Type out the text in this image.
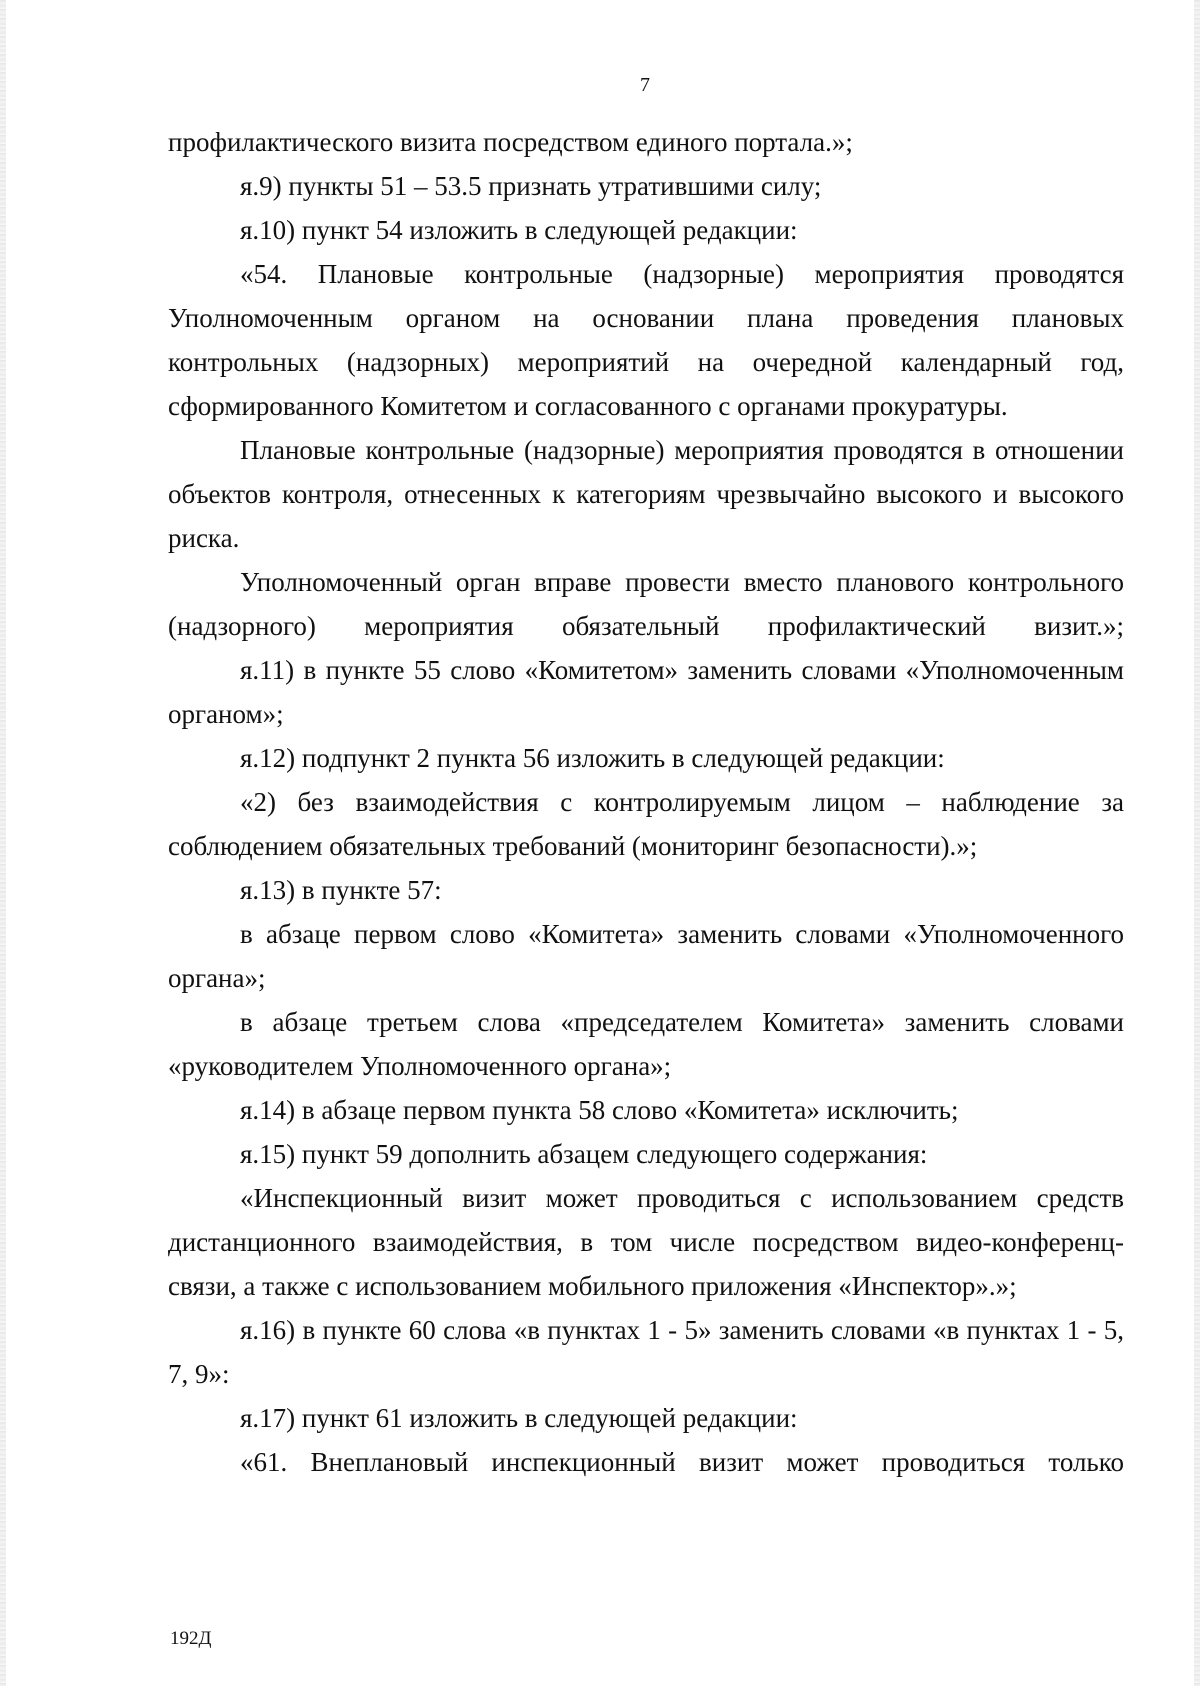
7

профилактического визита посредством единого портала.»;

я.9) пункты 51 – 53.5 признать утратившими силу;

я.10) пункт 54 изложить в следующей редакции:

«54. Плановые контрольные (надзорные) мероприятия проводятся Уполномоченным органом на основании плана проведения плановых контрольных (надзорных) мероприятий на очередной календарный год, сформированного Комитетом и согласованного с органами прокуратуры.

Плановые контрольные (надзорные) мероприятия проводятся в отношении объектов контроля, отнесенных к категориям чрезвычайно высокого и высокого риска.

Уполномоченный орган вправе провести вместо планового контрольного (надзорного) мероприятия обязательный профилактический визит.»;

я.11) в пункте 55 слово «Комитетом» заменить словами «Уполномоченным органом»;

я.12) подпункт 2 пункта 56 изложить в следующей редакции:

«2) без взаимодействия с контролируемым лицом – наблюдение за соблюдением обязательных требований (мониторинг безопасности).»;

я.13) в пункте 57:

в абзаце первом слово «Комитета» заменить словами «Уполномоченного органа»;

в абзаце третьем слова «председателем Комитета» заменить словами «руководителем Уполномоченного органа»;

я.14) в абзаце первом пункта 58 слово «Комитета» исключить;

я.15) пункт 59 дополнить абзацем следующего содержания:

«Инспекционный визит может проводиться с использованием средств дистанционного взаимодействия, в том числе посредством видео-конференц-связи, а также с использованием мобильного приложения «Инспектор».»;

я.16) в пункте 60 слова «в пунктах 1 - 5» заменить словами «в пунктах 1 - 5, 7, 9»:

я.17) пункт 61 изложить в следующей редакции:

«61. Внеплановый инспекционный визит может проводиться только

192Д
